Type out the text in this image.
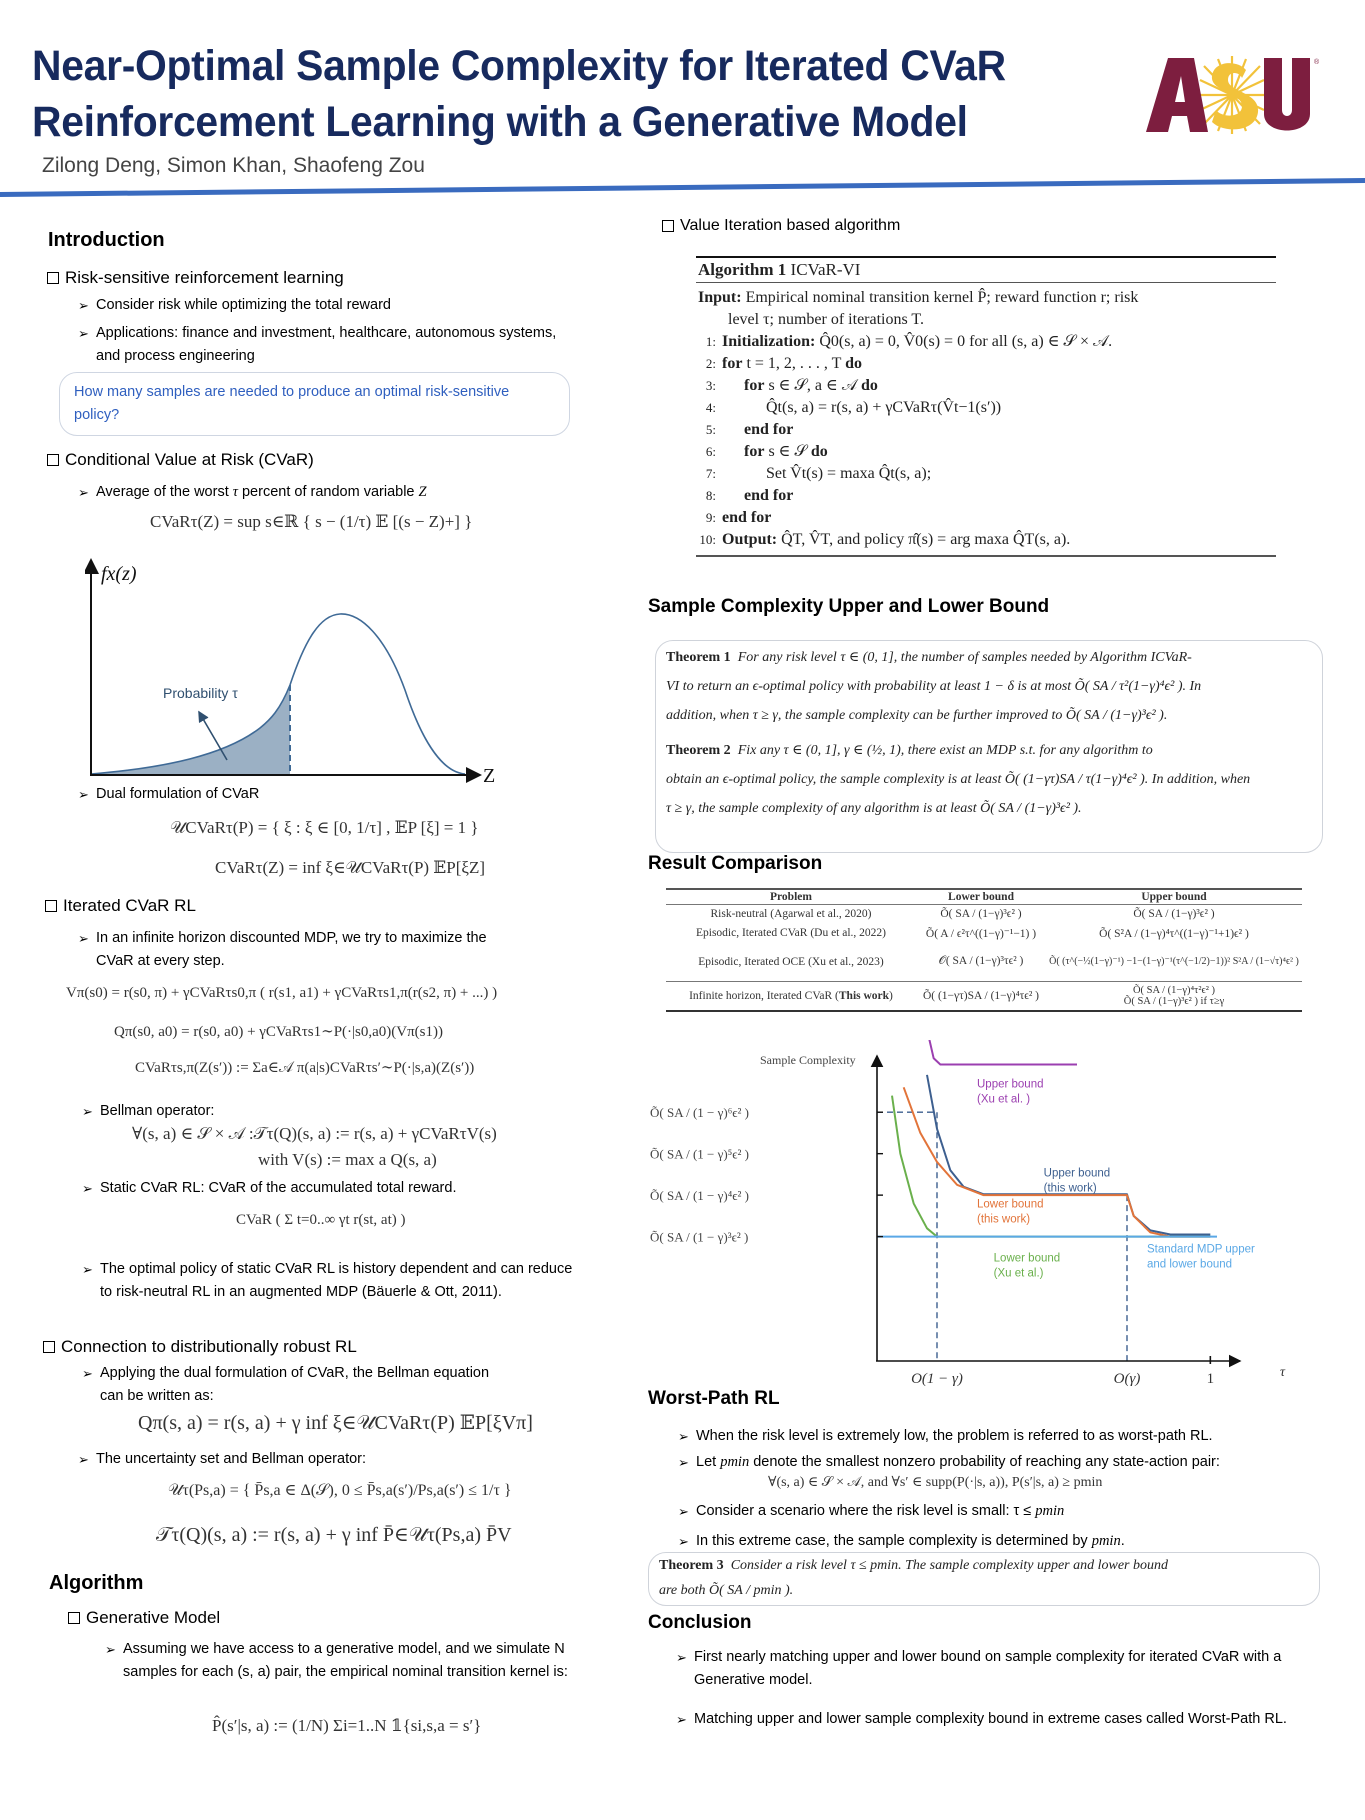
Near-Optimal Sample Complexity for Iterated CVaR
Reinforcement Learning with a Generative Model
Zilong Deng, Simon Khan, Shaofeng Zou
®
Introduction
Risk-sensitive reinforcement learning
➢ Consider risk while optimizing the total reward
➢ Applications: finance and investment, healthcare, autonomous systems, and process engineering
How many samples are needed to produce an optimal risk-sensitive policy?
Conditional Value at Risk (CVaR)
➢ Average of the worst τ percent of random variable Z
CVaRτ(Z) = sup s∈ℝ { s − (1/τ) 𝔼 [(s − Z)+] }
Probability τ
fx(z)
Z
➢ Dual formulation of CVaR
𝒰CVaRτ(P) = { ξ : ξ ∈ [0, 1/τ] , 𝔼P [ξ] = 1 }
CVaRτ(Z) = inf ξ∈𝒰CVaRτ(P) 𝔼P[ξZ]
Iterated CVaR RL
➢ In an infinite horizon discounted MDP, we try to maximize the CVaR at every step.
Vπ(s0) = r(s0, π) + γCVaRτs0,π ( r(s1, a1) + γCVaRτs1,π(r(s2, π) + ...) )
Qπ(s0, a0) = r(s0, a0) + γCVaRτs1∼P(·|s0,a0)(Vπ(s1))
CVaRτs,π(Z(s′)) := Σa∈𝒜 π(a|s)CVaRτs′∼P(·|s,a)(Z(s′))
➢ Bellman operator:
∀(s, a) ∈ 𝒮 × 𝒜 :𝒯τ(Q)(s, a) := r(s, a) + γCVaRτV(s)
with V(s) := max a Q(s, a)
➢ Static CVaR RL: CVaR of the accumulated total reward.
CVaR ( Σ t=0..∞ γt r(st, at) )
➢ The optimal policy of static CVaR RL is history dependent and can reduce to risk-neutral RL in an augmented MDP (Bäuerle & Ott, 2011).
Connection to distributionally robust RL
➢ Applying the dual formulation of CVaR, the Bellman equation can be written as:
Qπ(s, a) = r(s, a) + γ inf ξ∈𝒰CVaRτ(P) 𝔼P[ξVπ]
➢ The uncertainty set and Bellman operator:
𝒰τ(Ps,a) = { P̄s,a ∈ Δ(𝒮), 0 ≤ P̄s,a(s′)/Ps,a(s′) ≤ 1/τ }
𝒯τ(Q)(s, a) := r(s, a) + γ inf P̄∈𝒰τ(Ps,a) P̄V
Algorithm
Generative Model
➢ Assuming we have access to a generative model, and we simulate N samples for each (s, a) pair, the empirical nominal transition kernel is:
P̂(s′|s, a) := (1/N) Σi=1..N 𝟙{si,s,a = s′}
Value Iteration based algorithm
Algorithm 1 ICVaR-VI
Input: Empirical nominal transition kernel P̂; reward function r; risk
level τ; number of iterations T.
1: Initialization: Q̂0(s, a) = 0, V̂0(s) = 0 for all (s, a) ∈ 𝒮 × 𝒜.
2: for t = 1, 2, . . . , T do
3:	for s ∈ 𝒮, a ∈ 𝒜 do
4:	Q̂t(s, a) = r(s, a) + γCVaRτ(V̂t−1(s′))
5:	end for
6:	for s ∈ 𝒮 do
7:	Set V̂t(s) = maxa Q̂t(s, a);
8:	end for
9: end for
10: Output: Q̂T, V̂T, and policy π̂(s) = arg maxa Q̂T(s, a).
Sample Complexity Upper and Lower Bound
Theorem 1 For any risk level τ ∈ (0, 1], the number of samples needed by Algorithm ICVaR-
VI to return an ϵ-optimal policy with probability at least 1 − δ is at most Õ( SA / τ²(1−γ)⁴ϵ² ). In
addition, when τ ≥ γ, the sample complexity can be further improved to Õ( SA / (1−γ)³ϵ² ).
Theorem 2 Fix any τ ∈ (0, 1], γ ∈ (½, 1), there exist an MDP s.t. for any algorithm to
obtain an ϵ-optimal policy, the sample complexity is at least Õ( (1−γτ)SA / τ(1−γ)⁴ϵ² ). In addition, when
τ ≥ γ, the sample complexity of any algorithm is at least Õ( SA / (1−γ)³ϵ² ).
Result Comparison
Problem	Lower bound	Upper bound
Risk-neutral (Agarwal et al., 2020)	Õ( SA / (1−γ)³ϵ² )	Õ( SA / (1−γ)³ϵ² )
Episodic, Iterated CVaR (Du et al., 2022)	Õ( A / ϵ²τ^((1−γ)⁻¹−1) )	Õ( S²A / (1−γ)⁴τ^((1−γ)⁻¹+1)ϵ² )
Episodic, Iterated OCE (Xu et al., 2023)	𝒪( SA / (1−γ)³τϵ² )	Õ( (τ^(−½(1−γ)⁻¹) −1−(1−γ)⁻¹(τ^(−1/2)−1))² S²A / (1−√τ)⁴ϵ² )
Infinite horizon, Iterated CVaR (This work)	Õ( (1−γτ)SA / (1−γ)⁴τϵ² )	Õ( SA / (1−γ)⁴τ²ϵ² )
Õ( SA / (1−γ)³ϵ² ) if τ≥γ
Sample Complexity
τ
Õ( SA / (1 − γ)⁶ϵ² )
Õ( SA / (1 − γ)⁵ϵ² )
Õ( SA / (1 − γ)⁴ϵ² )
Õ( SA / (1 − γ)³ϵ² )
O(1 − γ)	O(γ)	1
Upper bound
(Xu et al. )
Upper bound
(this work)
Lower bound
(this work)
Lower bound
(Xu et al.)
Standard MDP upper
and lower bound
Worst-Path RL
➢ When the risk level is extremely low, the problem is referred to as worst-path RL.
➢ Let pmin denote the smallest nonzero probability of reaching any state-action pair:
∀(s, a) ∈ 𝒮 × 𝒜, and ∀s′ ∈ supp(P(·|s, a)), P(s′|s, a) ≥ pmin
➢ Consider a scenario where the risk level is small: τ ≤ pmin
➢ In this extreme case, the sample complexity is determined by pmin.
Theorem 3 Consider a risk level τ ≤ pmin. The sample complexity upper and lower bound
are both Õ( SA / pmin ).
Conclusion
➢ First nearly matching upper and lower bound on sample complexity for iterated CVaR with a Generative model.
➢ Matching upper and lower sample complexity bound in extreme cases called Worst-Path RL.
